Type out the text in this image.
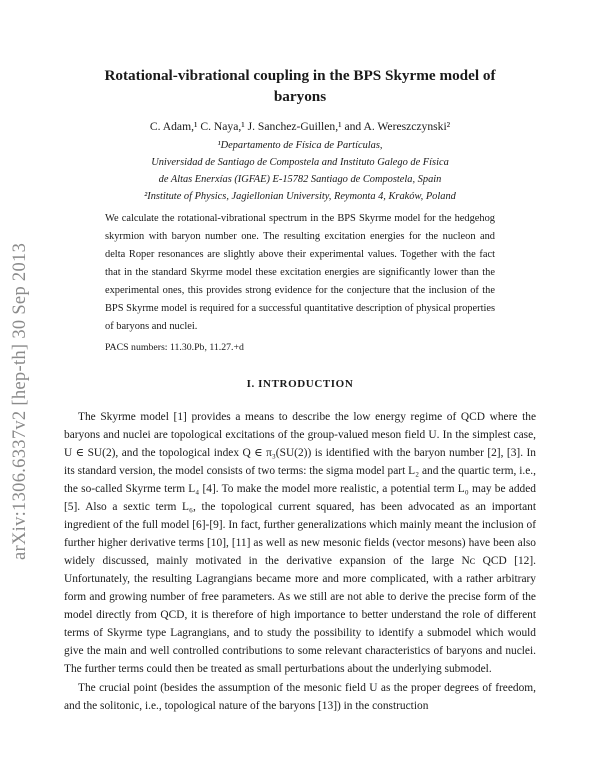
arXiv:1306.6337v2 [hep-th] 30 Sep 2013
Rotational-vibrational coupling in the BPS Skyrme model of baryons
C. Adam,¹ C. Naya,¹ J. Sanchez-Guillen,¹ and A. Wereszczynski²
¹Departamento de Física de Partículas,
Universidad de Santiago de Compostela and Instituto Galego de Física
de Altas Enerxías (IGFAE) E-15782 Santiago de Compostela, Spain
²Institute of Physics, Jagiellonian University, Reymonta 4, Kraków, Poland
We calculate the rotational-vibrational spectrum in the BPS Skyrme model for the hedgehog skyrmion with baryon number one. The resulting excitation energies for the nucleon and delta Roper resonances are slightly above their experimental values. Together with the fact that in the standard Skyrme model these excitation energies are significantly lower than the experimental ones, this provides strong evidence for the conjecture that the inclusion of the BPS Skyrme model is required for a successful quantitative description of physical properties of baryons and nuclei.
PACS numbers: 11.30.Pb, 11.27.+d
I. INTRODUCTION

The Skyrme model [1] provides a means to describe the low energy regime of QCD where the baryons and nuclei are topological excitations of the group-valued meson field U. In the simplest case, U ∈ SU(2), and the topological index Q ∈ π₃(SU(2)) is identified with the baryon number [2], [3]. In its standard version, the model consists of two terms: the sigma model part L₂ and the quartic term, i.e., the so-called Skyrme term L₄ [4]. To make the model more realistic, a potential term L₀ may be added [5]. Also a sextic term L₆, the topological current squared, has been advocated as an important ingredient of the full model [6]-[9]. In fact, further generalizations which mainly meant the inclusion of further higher derivative terms [10], [11] as well as new mesonic fields (vector mesons) have been also widely discussed, mainly motivated in the derivative expansion of the large Nᴄ QCD [12]. Unfortunately, the resulting Lagrangians became more and more complicated, with a rather arbitrary form and growing number of free parameters. As we still are not able to derive the precise form of the model directly from QCD, it is therefore of high importance to better understand the role of different terms of Skyrme type Lagrangians, and to study the possibility to identify a submodel which would give the main and well controlled contributions to some relevant characteristics of baryons and nuclei. The further terms could then be treated as small perturbations about the underlying submodel.

The crucial point (besides the assumption of the mesonic field U as the proper degrees of freedom, and the solitonic, i.e., topological nature of the baryons [13]) in the construction
